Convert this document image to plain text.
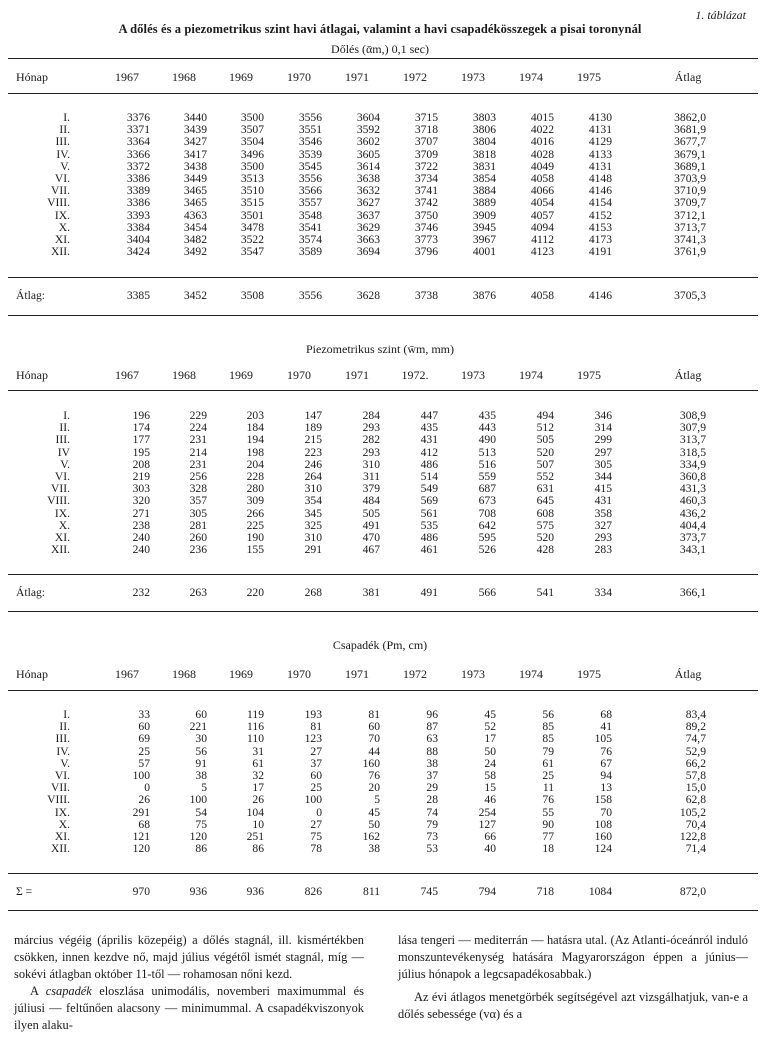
1. táblázat
A dőlés és a piezometrikus szint havi átlagai, valamint a havi csapadékösszegek a pisai toronynál
Dőlés (ᾱm,) 0,1 sec)
Hónap	1967	1968	1969	1970	1971	1972	1973	1974	1975	Átlag
I.	3376	3440	3500	3556	3604	3715	3803	4015	4130	3862,0
II.	3371	3439	3507	3551	3592	3718	3806	4022	4131	3681,9
III.	3364	3427	3504	3546	3602	3707	3804	4016	4129	3677,7
IV.	3366	3417	3496	3539	3605	3709	3818	4028	4133	3679,1
V.	3372	3438	3500	3545	3614	3722	3831	4049	4131	3689,1
VI.	3386	3449	3513	3556	3638	3734	3854	4058	4148	3703,9
VII.	3389	3465	3510	3566	3632	3741	3884	4066	4146	3710,9
VIII.	3386	3465	3515	3557	3627	3742	3889	4054	4154	3709,7
IX.	3393	4363	3501	3548	3637	3750	3909	4057	4152	3712,1
X.	3384	3454	3478	3541	3629	3746	3945	4094	4153	3713,7
XI.	3404	3482	3522	3574	3663	3773	3967	4112	4173	3741,3
XII.	3424	3492	3547	3589	3694	3796	4001	4123	4191	3761,9
Átlag:	3385	3452	3508	3556	3628	3738	3876	4058	4146	3705,3
Piezometrikus szint (w̄m, mm)
Hónap	1967	1968	1969	1970	1971	1972.	1973	1974	1975	Átlag
I.	196	229	203	147	284	447	435	494	346	308,9
II.	174	224	184	189	293	435	443	512	314	307,9
III.	177	231	194	215	282	431	490	505	299	313,7
IV	195	214	198	223	293	412	513	520	297	318,5
V.	208	231	204	246	310	486	516	507	305	334,9
VI.	219	256	228	264	311	514	559	552	344	360,8
VII.	303	328	280	310	379	549	687	631	415	431,3
VIII.	320	357	309	354	484	569	673	645	431	460,3
IX.	271	305	266	345	505	561	708	608	358	436,2
X.	238	281	225	325	491	535	642	575	327	404,4
XI.	240	260	190	310	470	486	595	520	293	373,7
XII.	240	236	155	291	467	461	526	428	283	343,1
Átlag:	232	263	220	268	381	491	566	541	334	366,1
Csapadék (Pm, cm)
Hónap	1967	1968	1969	1970	1971	1972	1973	1974	1975	Átlag
I.	33	60	119	193	81	96	45	56	68	83,4
II.	60	221	116	81	60	87	52	85	41	89,2
III.	69	30	110	123	70	63	17	85	105	74,7
IV.	25	56	31	27	44	88	50	79	76	52,9
V.	57	91	61	37	160	38	24	61	67	66,2
VI.	100	38	32	60	76	37	58	25	94	57,8
VII.	0	5	17	25	20	29	15	11	13	15,0
VIII.	26	100	26	100	5	28	46	76	158	62,8
IX.	291	54	104	0	45	74	254	55	70	105,2
X.	68	75	10	27	50	79	127	90	108	70,4
XI.	121	120	251	75	162	73	66	77	160	122,8
XII.	120	86	86	78	38	53	40	18	124	71,4
Σ =	970	936	936	826	811	745	794	718	1084	872,0

március végéig (április közepéig) a dőlés stagnál, ill. kismértékben csökken, innen kezdve nő, majd július végétől ismét stagnál, míg — sokévi átlagban október 11-től — rohamosan nőni kezd.

A csapadék eloszlása unimodális, novemberi maximummal és júliusi — feltűnően alacsony — minimummal. A csapadékviszonyok ilyen alaku-

lása tengeri — mediterrán — hatásra utal. (Az Atlanti-óceánról induló monszuntevékenység hatására Magyarországon éppen a június—július hónapok a legcsapadékosabbak.)

Az évi átlagos menetgörbék segítségével azt vizsgálhatjuk, van-e a dőlés sebessége (vα) és a
